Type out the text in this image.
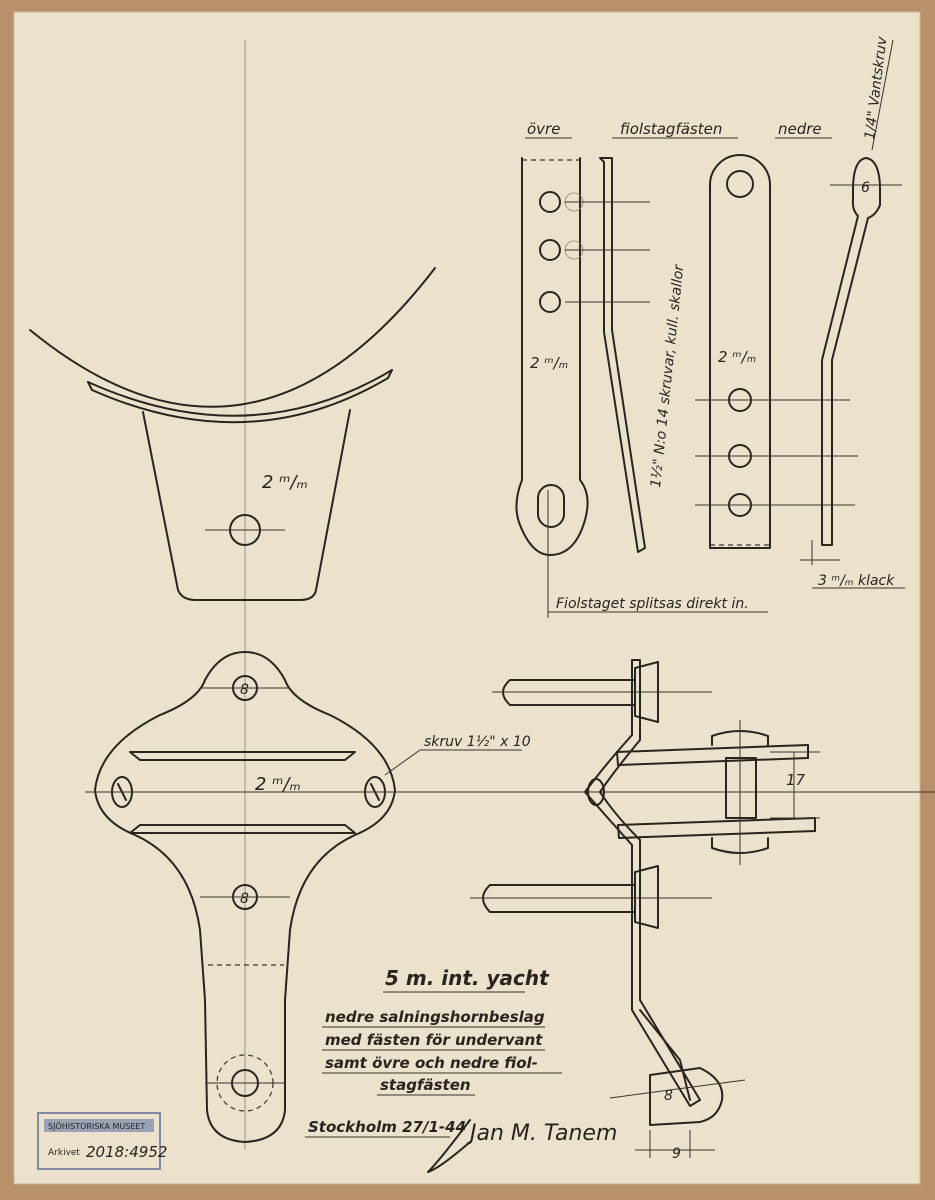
2 ᵐ/ₘ
övre	fiolstagfästen	nedre
2 ᵐ/ₘ	1½" N:o 14 skruvar, kull. skallor 2 ᵐ/ₘ
6
1/4" Vantskruv
3 ᵐ/ₘ klack
Fiolstaget splitsas direkt in.
8
2 ᵐ/ₘ
8
skruv 1½" x 10
17
8
9
5 m. int. yacht
nedre salningshornbeslag
med fästen för undervant
samt övre och nedre fiol-
stagfästen
Stockholm 27/1-44 Jan M. Tanem
SJÖHISTORISKA MUSEET
Arkivet 2018:4952
